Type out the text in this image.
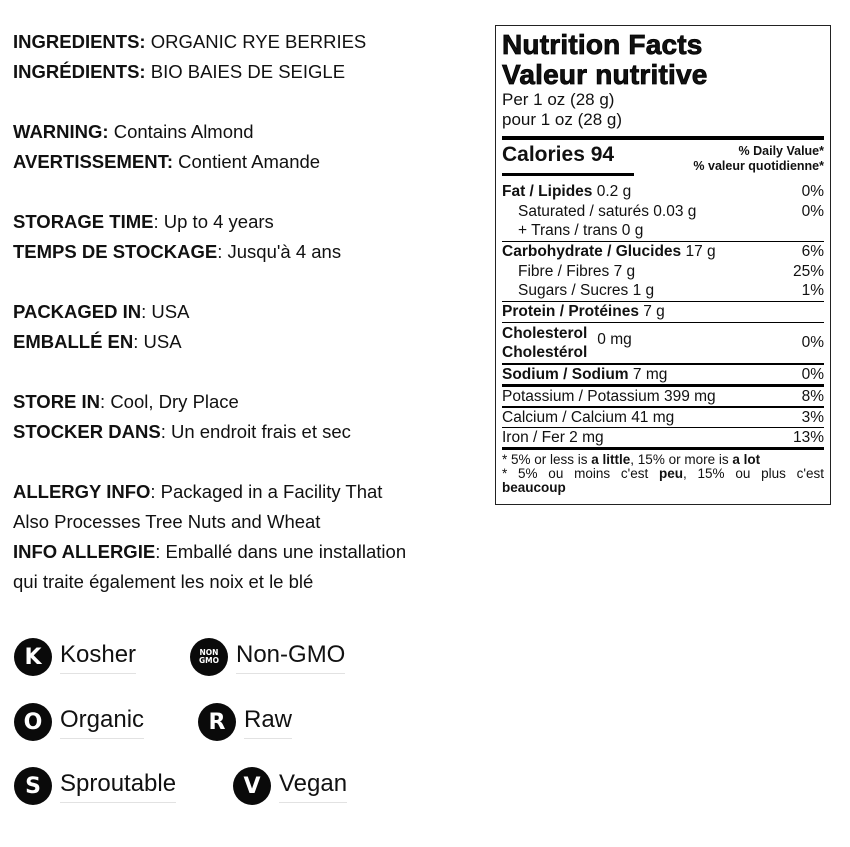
INGREDIENTS: ORGANIC RYE BERRIES
INGRÉDIENTS: BIO BAIES DE SEIGLE
WARNING: Contains Almond
AVERTISSEMENT: Contient Amande
STORAGE TIME: Up to 4 years
TEMPS DE STOCKAGE: Jusqu'à 4 ans
PACKAGED IN: USA
EMBALLÉ EN: USA
STORE IN: Cool, Dry Place
STOCKER DANS: Un endroit frais et sec
ALLERGY INFO: Packaged in a Facility That
Also Processes Tree Nuts and Wheat
INFO ALLERGIE: Emballé dans une installation
qui traite également les noix et le blé
K Kosher	NON
GMO Non-GMO
O Organic	R Raw
S Sproutable	V Vegan
Nutrition Facts
Valeur nutritive
Per 1 oz (28 g)
pour 1 oz (28 g)
Calories 94	% Daily Value*
% valeur quotidienne*
Fat / Lipides 0.2 g	0%
Saturated / saturés 0.03 g	0%
+ Trans / trans 0 g
Carbohydrate / Glucides 17 g	6%
Fibre / Fibres 7 g	25%
Sugars / Sucres 1 g	1%
Protein / Protéines 7 g
Cholesterol
Cholestérol
0 mg	0%
Sodium / Sodium 7 mg	0%
Potassium / Potassium 399 mg	8%
Calcium / Calcium 41 mg	3%
Iron / Fer 2 mg	13%
* 5% or less is a little, 15% or more is a lot
* 5% ou moins c'est peu, 15% ou plus c'est
beaucoup
